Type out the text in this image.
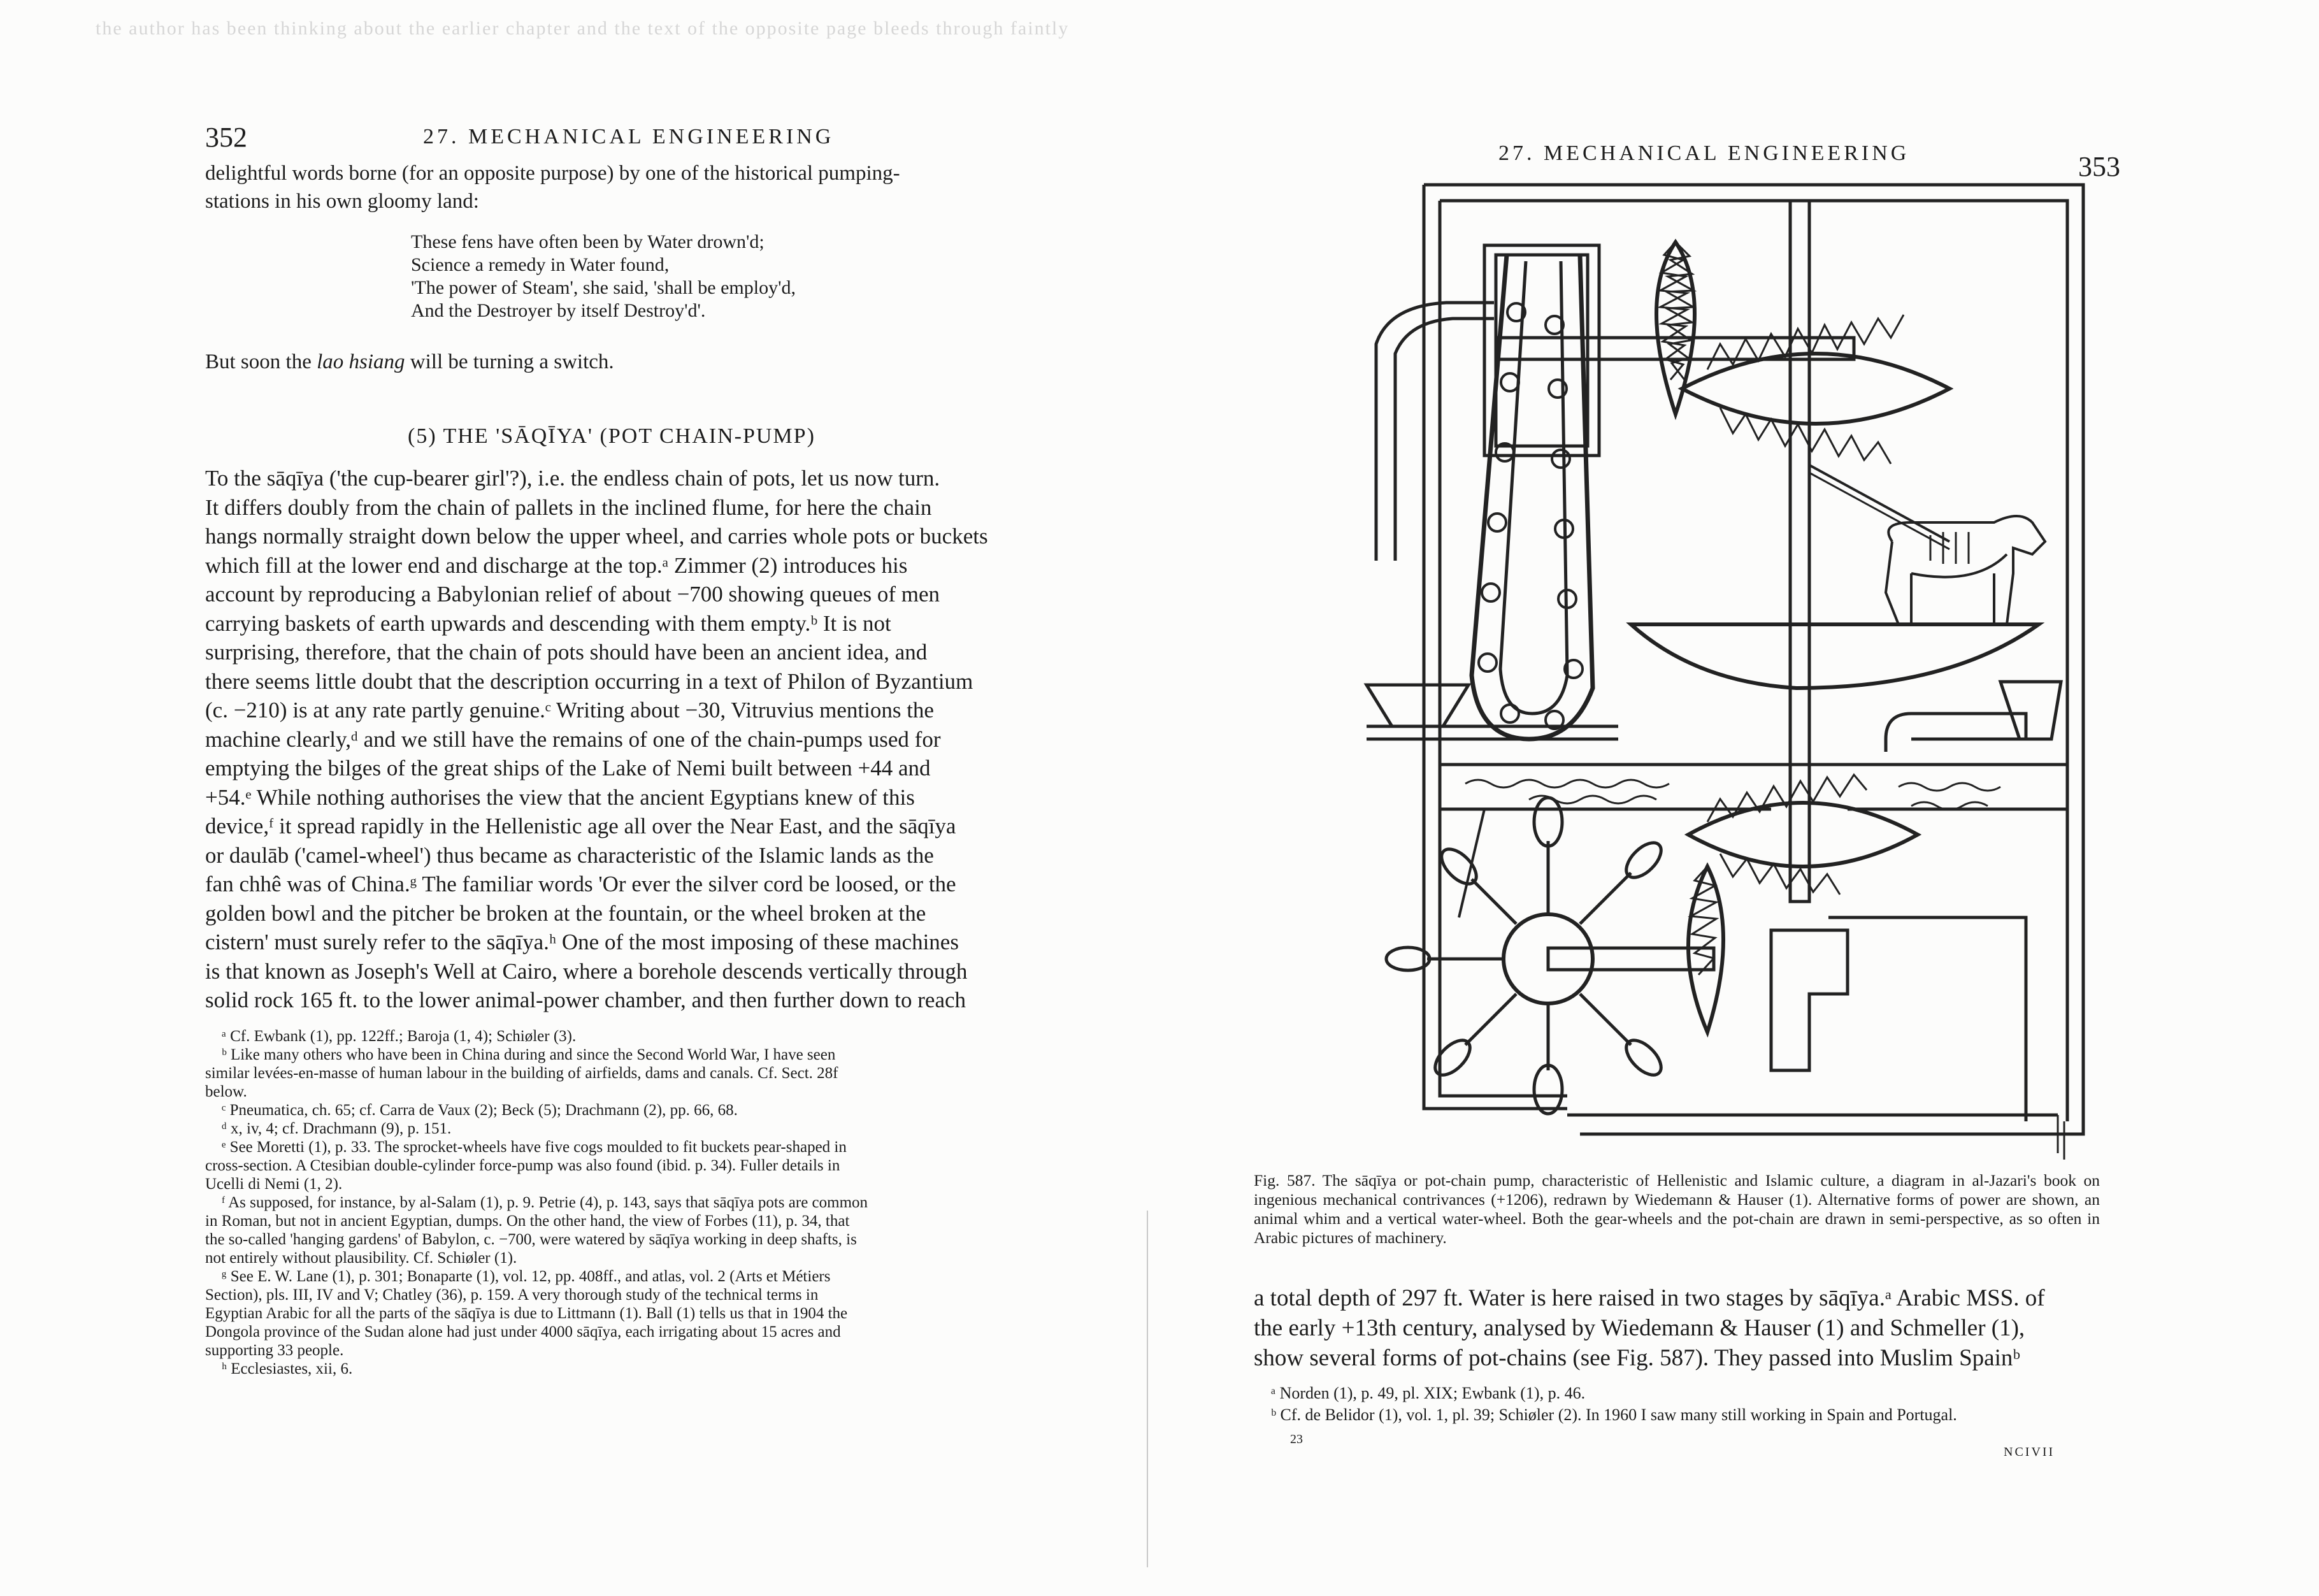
the author has been thinking about the earlier chapter and the text of the opposite page bleeds through faintly
352	27. MECHANICAL ENGINEERING
delightful words borne (for an opposite purpose) by one of the historical pumping-
stations in his own gloomy land:
These fens have often been by Water drown'd;
Science a remedy in Water found,
'The power of Steam', she said, 'shall be employ'd,
And the Destroyer by itself Destroy'd'.
But soon the lao hsiang will be turning a switch.
(5) THE 'SĀQĪYA' (POT CHAIN-PUMP)
To the sāqīya ('the cup-bearer girl'?), i.e. the endless chain of pots, let us now turn.
It differs doubly from the chain of pallets in the inclined flume, for here the chain
hangs normally straight down below the upper wheel, and carries whole pots or buckets
which fill at the lower end and discharge at the top.ᵃ Zimmer (2) introduces his
account by reproducing a Babylonian relief of about −700 showing queues of men
carrying baskets of earth upwards and descending with them empty.ᵇ It is not
surprising, therefore, that the chain of pots should have been an ancient idea, and
there seems little doubt that the description occurring in a text of Philon of Byzantium
(c. −210) is at any rate partly genuine.ᶜ Writing about −30, Vitruvius mentions the
machine clearly,ᵈ and we still have the remains of one of the chain-pumps used for
emptying the bilges of the great ships of the Lake of Nemi built between +44 and
+54.ᵉ While nothing authorises the view that the ancient Egyptians knew of this
device,ᶠ it spread rapidly in the Hellenistic age all over the Near East, and the sāqīya
or daulāb ('camel-wheel') thus became as characteristic of the Islamic lands as the
fan chhê was of China.ᵍ The familiar words 'Or ever the silver cord be loosed, or the
golden bowl and the pitcher be broken at the fountain, or the wheel broken at the
cistern' must surely refer to the sāqīya.ʰ One of the most imposing of these machines
is that known as Joseph's Well at Cairo, where a borehole descends vertically through
solid rock 165 ft. to the lower animal-power chamber, and then further down to reach
ᵃ Cf. Ewbank (1), pp. 122ff.; Baroja (1, 4); Schiøler (3).
ᵇ Like many others who have been in China during and since the Second World War, I have seen
similar levées-en-masse of human labour in the building of airfields, dams and canals. Cf. Sect. 28f
below.
ᶜ Pneumatica, ch. 65; cf. Carra de Vaux (2); Beck (5); Drachmann (2), pp. 66, 68.
ᵈ x, iv, 4; cf. Drachmann (9), p. 151.
ᵉ See Moretti (1), p. 33. The sprocket-wheels have five cogs moulded to fit buckets pear-shaped in
cross-section. A Ctesibian double-cylinder force-pump was also found (ibid. p. 34). Fuller details in
Ucelli di Nemi (1, 2).
ᶠ As supposed, for instance, by al-Salam (1), p. 9. Petrie (4), p. 143, says that sāqīya pots are common
in Roman, but not in ancient Egyptian, dumps. On the other hand, the view of Forbes (11), p. 34, that
the so-called 'hanging gardens' of Babylon, c. −700, were watered by sāqīya working in deep shafts, is
not entirely without plausibility. Cf. Schiøler (1).
ᵍ See E. W. Lane (1), p. 301; Bonaparte (1), vol. 12, pp. 408ff., and atlas, vol. 2 (Arts et Métiers
Section), pls. III, IV and V; Chatley (36), p. 159. A very thorough study of the technical terms in
Egyptian Arabic for all the parts of the sāqīya is due to Littmann (1). Ball (1) tells us that in 1904 the
Dongola province of the Sudan alone had just under 4000 sāqīya, each irrigating about 15 acres and
supporting 33 people.
ʰ Ecclesiastes, xii, 6.
27. MECHANICAL ENGINEERING	353
Fig. 587. The sāqīya or pot-chain pump, characteristic of Hellenistic and Islamic culture, a diagram in al-Jazari's book on ingenious mechanical contrivances (+1206), redrawn by Wiedemann & Hauser (1). Alternative forms of power are shown, an animal whim and a vertical water-wheel. Both the gear-wheels and the pot-chain are drawn in semi-perspective, as so often in Arabic pictures of machinery.
a total depth of 297 ft. Water is here raised in two stages by sāqīya.ᵃ Arabic MSS. of
the early +13th century, analysed by Wiedemann & Hauser (1) and Schmeller (1),
show several forms of pot-chains (see Fig. 587). They passed into Muslim Spainᵇ
ᵃ Norden (1), p. 49, pl. XIX; Ewbank (1), p. 46.
ᵇ Cf. de Belidor (1), vol. 1, pl. 39; Schiøler (2). In 1960 I saw many still working in Spain and Portugal.
23
NCIVII
